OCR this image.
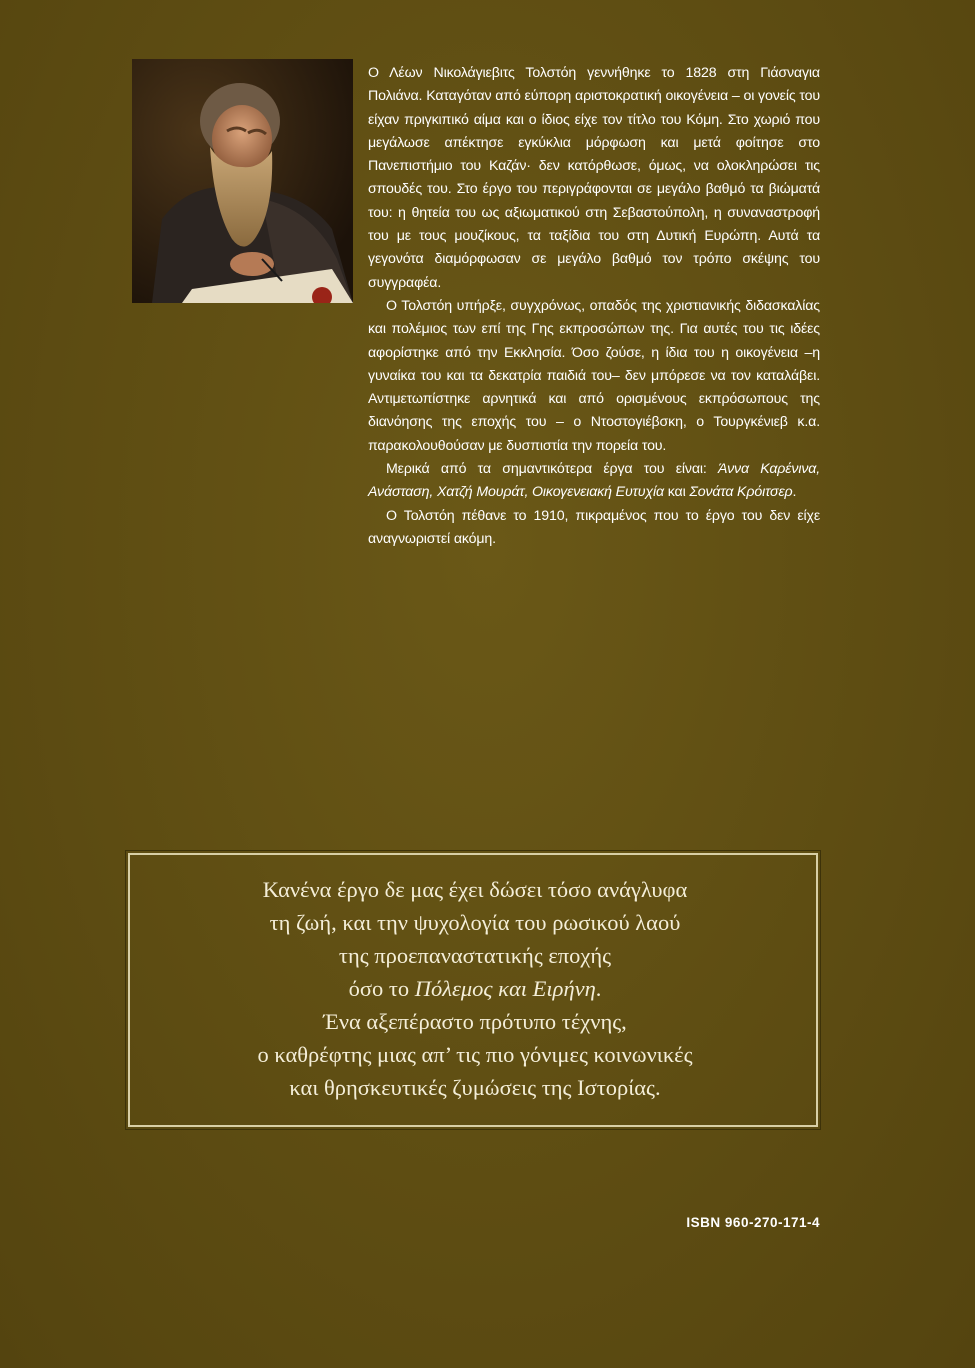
Ο Λέων Νικολάγιεβιτς Τολστόη γεννήθηκε το 1828 στη Γιάσναγια Πολιάνα. Καταγόταν από εύπορη αριστοκρατική οικογένεια – οι γονείς του είχαν πριγκιπικό αίμα και ο ίδιος είχε τον τίτλο του Κόμη. Στο χωριό που μεγάλωσε απέκτησε εγκύκλια μόρφωση και μετά φοίτησε στο Πανεπιστήμιο του Καζάν· δεν κατόρθωσε, όμως, να ολοκληρώσει τις σπουδές του. Στο έργο του περιγράφονται σε μεγάλο βαθμό τα βιώματά του: η θητεία του ως αξιωματικού στη Σεβαστούπολη, η συναναστροφή του με τους μουζίκους, τα ταξίδια του στη Δυτική Ευρώπη. Αυτά τα γεγονότα διαμόρφωσαν σε μεγάλο βαθμό τον τρόπο σκέψης του συγγραφέα.

Ο Τολστόη υπήρξε, συγχρόνως, οπαδός της χριστιανικής διδασκαλίας και πολέμιος των επί της Γης εκπροσώπων της. Για αυτές του τις ιδέες αφορίστηκε από την Εκκλησία. Όσο ζούσε, η ίδια του η οικογένεια –η γυναίκα του και τα δεκατρία παιδιά του– δεν μπόρεσε να τον καταλάβει. Αντιμετωπίστηκε αρνητικά και από ορισμένους εκπρόσωπους της διανόησης της εποχής του – ο Ντοστογιέβσκη, ο Τουργκένιεβ κ.α. παρακολουθούσαν με δυσπιστία την πορεία του.

Μερικά από τα σημαντικότερα έργα του είναι: Άννα Καρένινα, Ανάσταση, Χατζή Μουράτ, Οικογενειακή Ευτυχία και Σονάτα Κρόιτσερ.

Ο Τολστόη πέθανε το 1910, πικραμένος που το έργο του δεν είχε αναγνωριστεί ακόμη.

Κανένα έργο δε μας έχει δώσει τόσο ανάγλυφα
τη ζωή, και την ψυχολογία του ρωσικού λαού
της προεπαναστατικής εποχής
όσο το Πόλεμος και Ειρήνη.
Ένα αξεπέραστο πρότυπο τέχνης,
ο καθρέφτης μιας απ’ τις πιο γόνιμες κοινωνικές
και θρησκευτικές ζυμώσεις της Ιστορίας.
ISBN 960-270-171-4
